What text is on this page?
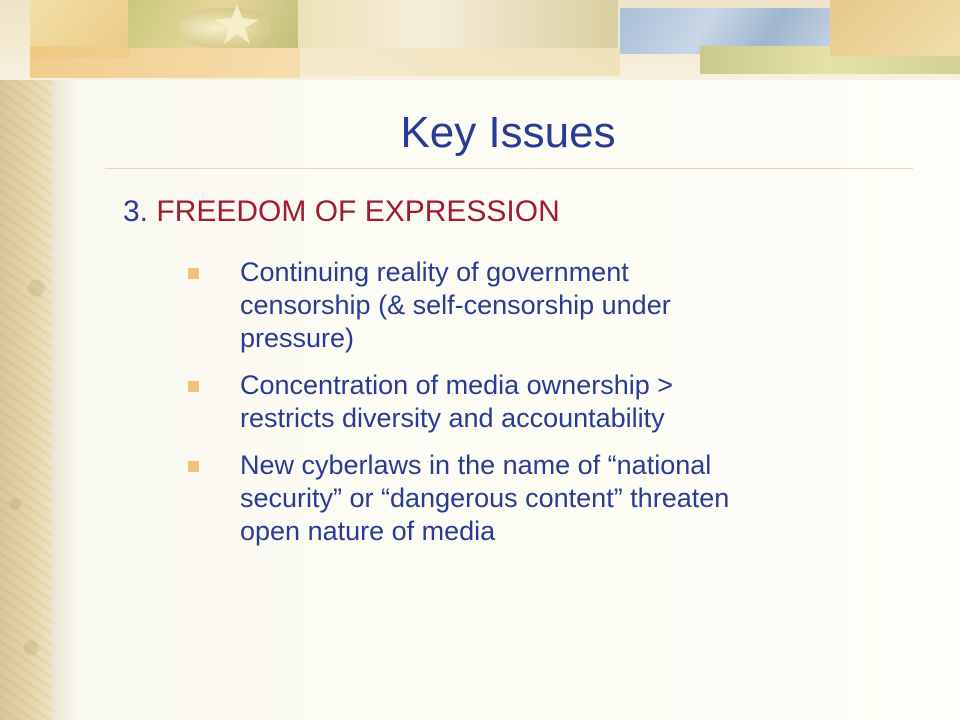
Key Issues
3. FREEDOM OF EXPRESSION
Continuing reality of government
censorship (& self-censorship under
pressure)
Concentration of media ownership >
restricts diversity and accountability
New cyberlaws in the name of “national
security” or “dangerous content” threaten
open nature of media
